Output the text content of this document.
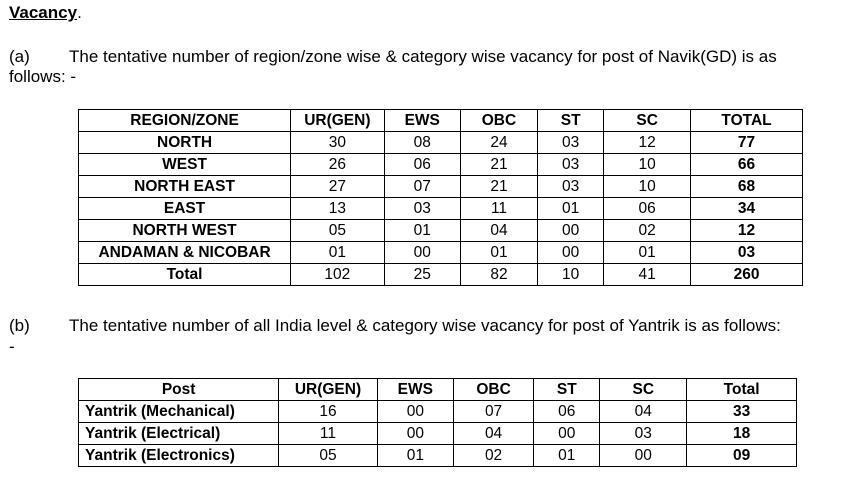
Vacancy.
(a) The tentative number of region/zone wise & category wise vacancy for post of Navik(GD) is as
follows: -
REGION/ZONE	UR(GEN)	EWS	OBC	ST	SC	TOTAL
NORTH	30	08	24	03	12	77
WEST	26	06	21	03	10	66
NORTH EAST	27	07	21	03	10	68
EAST	13	03	11	01	06	34
NORTH WEST	05	01	04	00	02	12
ANDAMAN & NICOBAR	01	00	01	00	01	03
Total	102	25	82	10	41	260
(b) The tentative number of all India level & category wise vacancy for post of Yantrik is as follows:
-
Post	UR(GEN)	EWS	OBC	ST	SC	Total
Yantrik (Mechanical)	16	00	07	06	04	33
Yantrik (Electrical)	11	00	04	00	03	18
Yantrik (Electronics)	05	01	02	01	00	09
